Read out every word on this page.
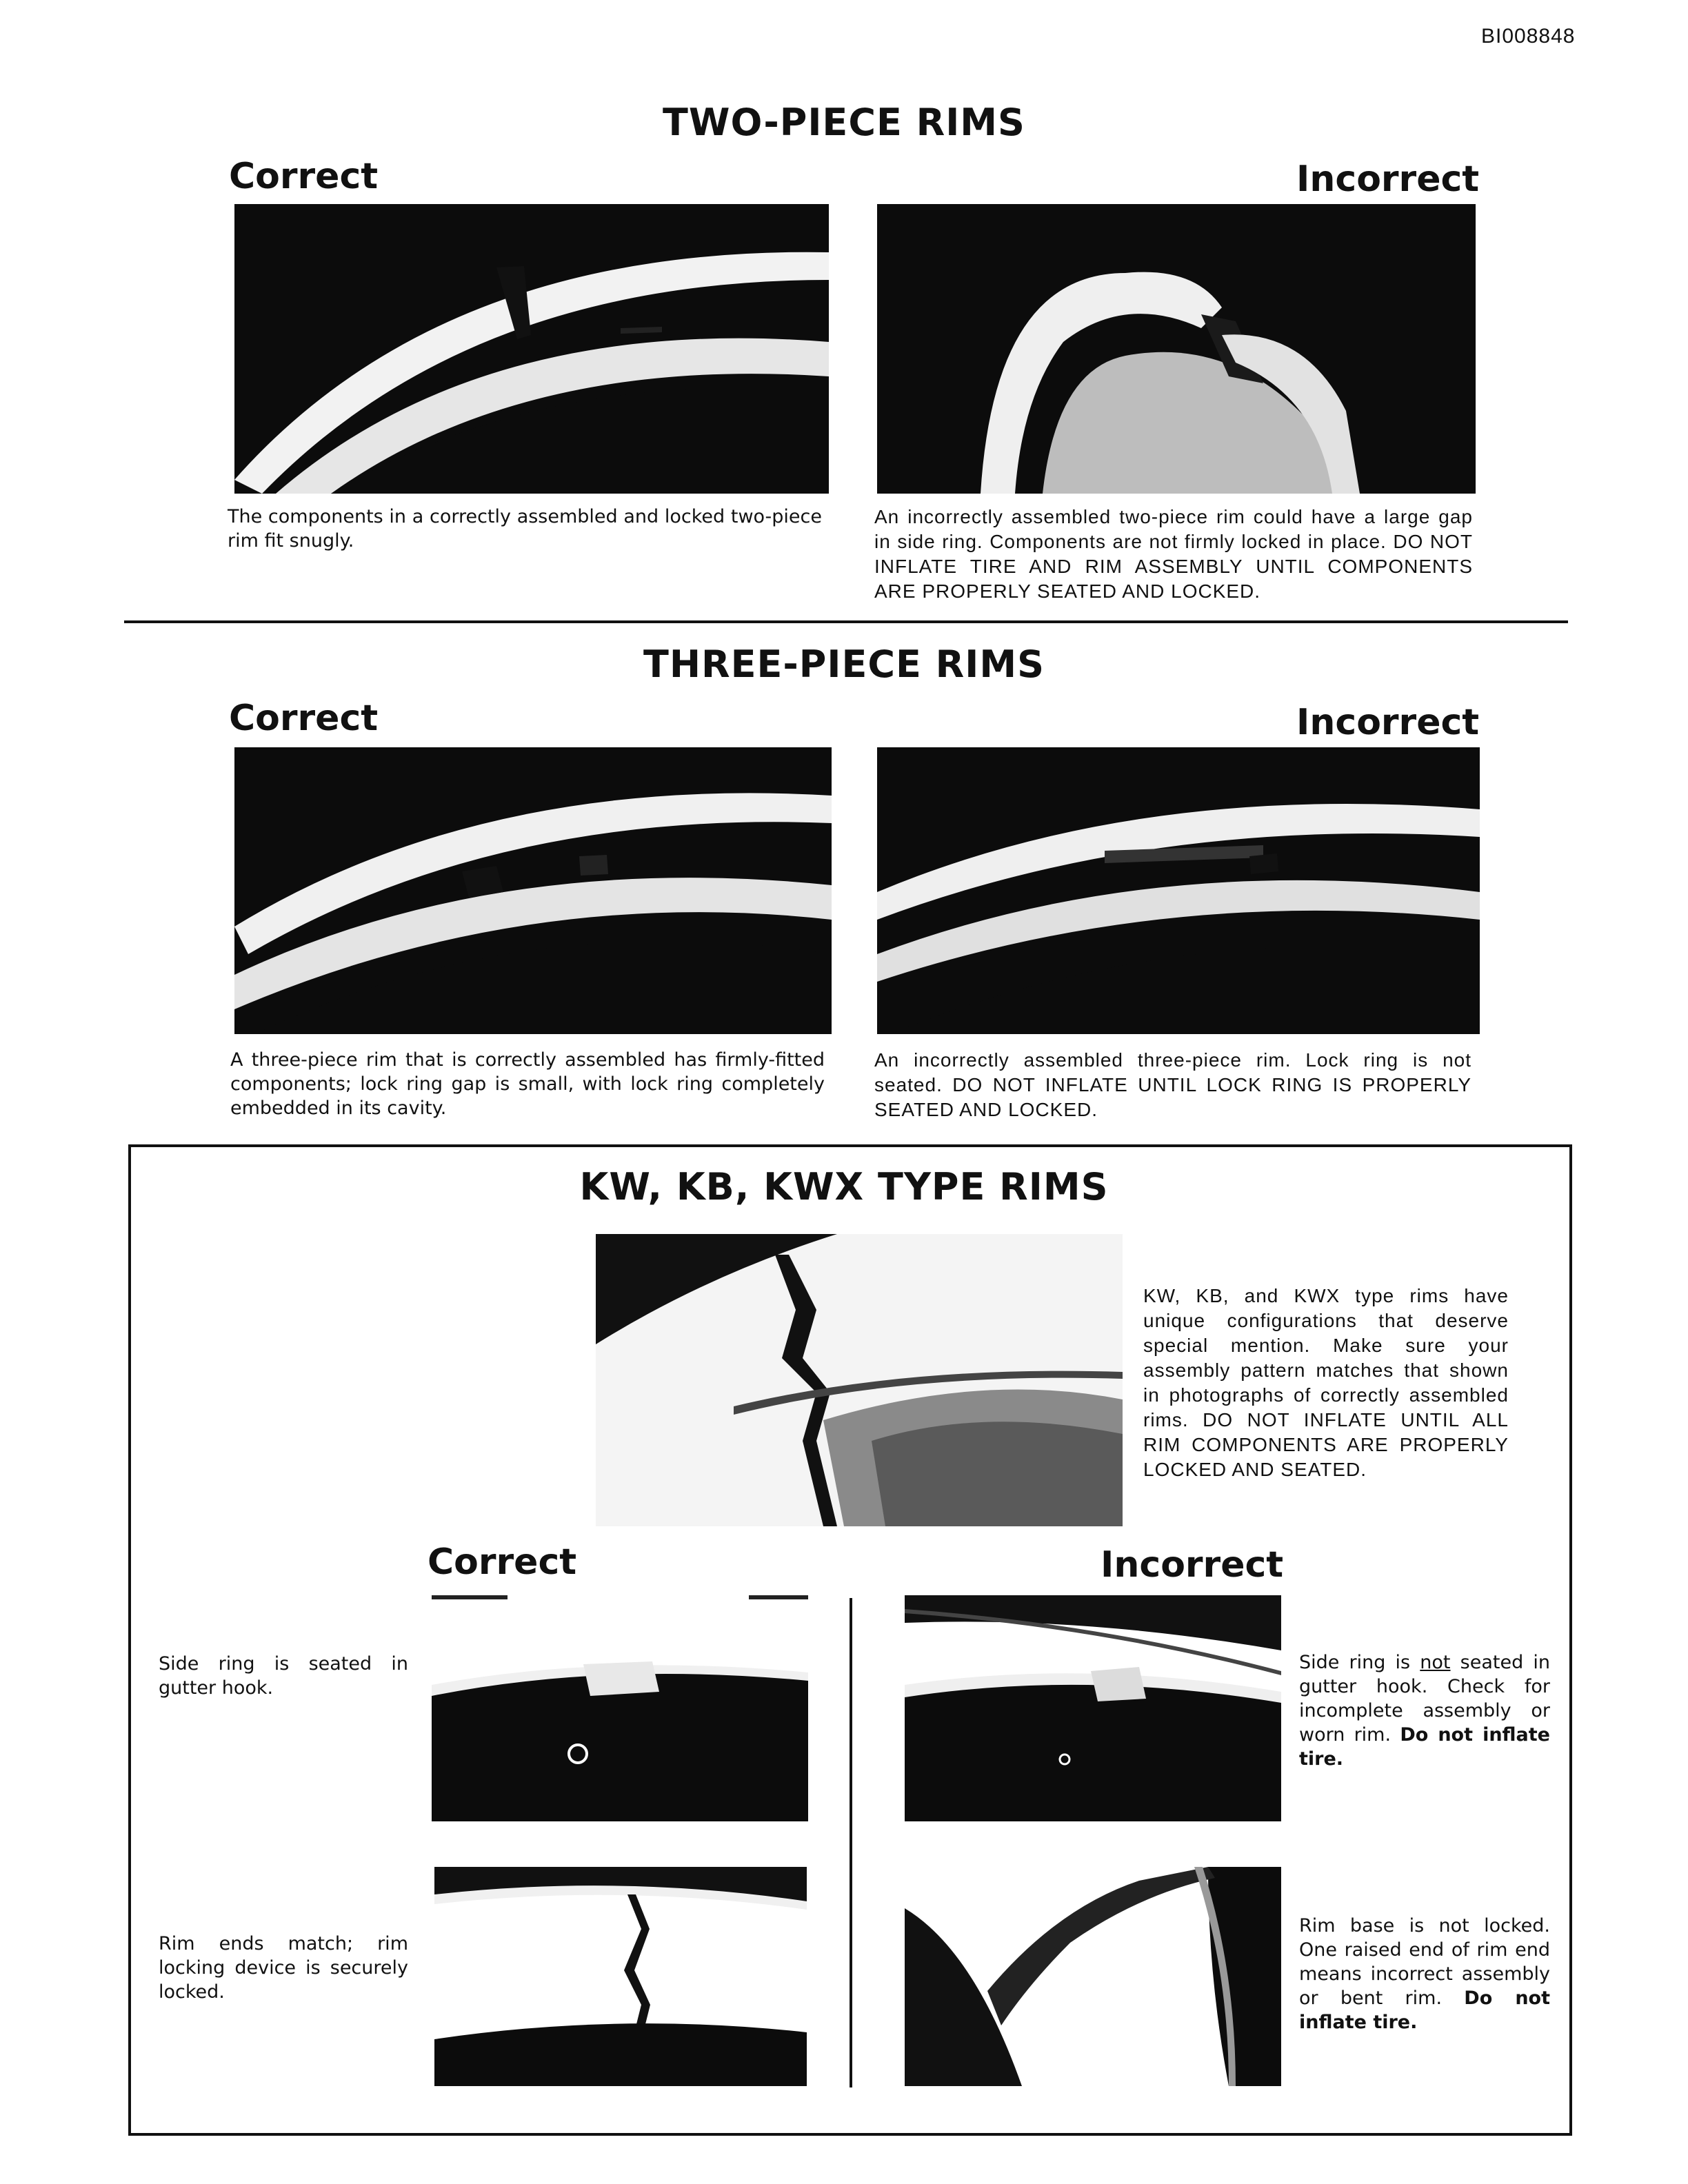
BI008848
TWO-PIECE RIMS
Correct	Incorrect

The components in a correctly assembled and locked two-piece rim fit snugly.

An incorrectly assembled two-piece rim could have a large gap in side ring. Components are not firmly locked in place. DO NOT INFLATE TIRE AND RIM ASSEMBLY UNTIL COMPONENTS ARE PROPERLY SEATED AND LOCKED.

THREE-PIECE RIMS
Correct	Incorrect

A three-piece rim that is correctly assembled has firmly-fitted components; lock ring gap is small, with lock ring completely embedded in its cavity.

An incorrectly assembled three-piece rim. Lock ring is not seated. DO NOT INFLATE UNTIL LOCK RING IS PROPERLY SEATED AND LOCKED.

KW, KB, KWX TYPE RIMS

KW, KB, and KWX type rims have unique configurations that deserve special mention. Make sure your assembly pattern matches that shown in photographs of correctly assembled rims. DO NOT INFLATE UNTIL ALL RIM COMPONENTS ARE PROPERLY LOCKED AND SEATED.

Correct	Incorrect

Side ring is seated in gutter hook.

Side ring is not seated in gutter hook. Check for incomplete assembly or worn rim. Do not inflate tire.

Rim ends match; rim locking device is securely locked.

Rim base is not locked. One raised end of rim end means incorrect assembly or bent rim. Do not inflate tire.
